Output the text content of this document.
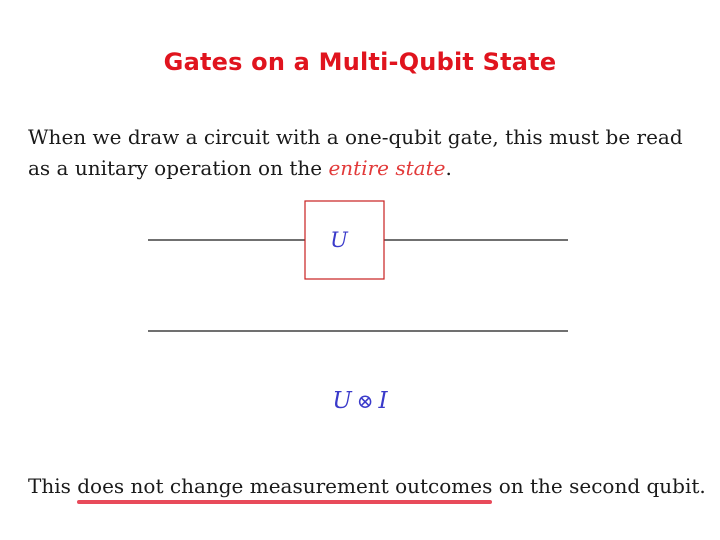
Gates on a Multi-Qubit State
When we draw a circuit with a one-qubit gate, this must be read as a unitary operation on the entire state.
U
U ⊗ I
This does not change measurement outcomes on the second qubit.
